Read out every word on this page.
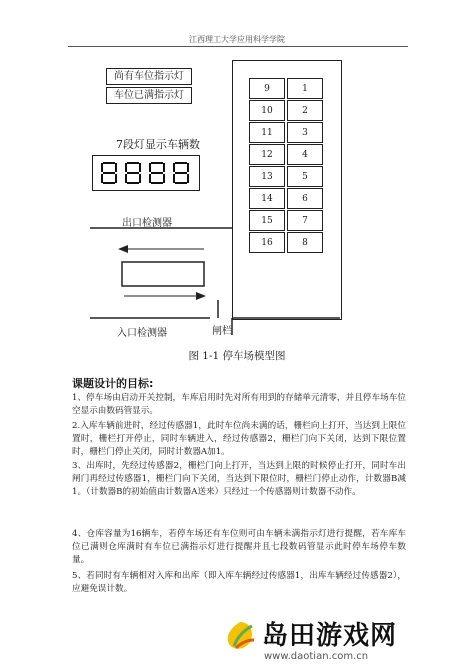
江西理工大学应用科学学院
尚有车位指示灯
车位已满指示灯
7段灯显示车辆数
出口检测器
入口检测器	闸栏
9
10
11
12
13
14
15
16
1
2
3
4
5
6
7
8
图 1-1 停车场模型图
课题设计的目标:
1、停车场由启动开关控制，车库启用时先对所有用到的存储单元清零，并且停车场车位空显示由数码管显示。
2.入库车辆前进时，经过传感器1，此时车位尚未满的话，栅栏向上打开，当达到上限位置时，栅栏打开停止，同时车辆进入，经过传感器2，栅栏门向下关闭，达到下限位置时，栅栏门停止关闭，同时计数器A加1。
3、出库时，先经过传感器2，栅栏门向上打开，当达到上限的时候停止打开，同时车出闸门再经过传感器1，栅栏门向下关闭，当达到下限位时，栅栏门停止动作，计数器B减1。（计数器B的初始值由计数器A送来）只经过一个传感器则计数器不动作。
4、仓库容量为16辆车，若停车场还有车位则可由车辆未满指示灯进行提醒，若车库车位已满则仓库满时有车位已满指示灯进行提醒并且七段数码管显示此时停车场停车数量。
5、若同时有车辆相对入库和出库（即入库车辆经过传感器1，出库车辆经过传感器2），应避免误计数。
岛田游戏网
www.daotian.com.cn
